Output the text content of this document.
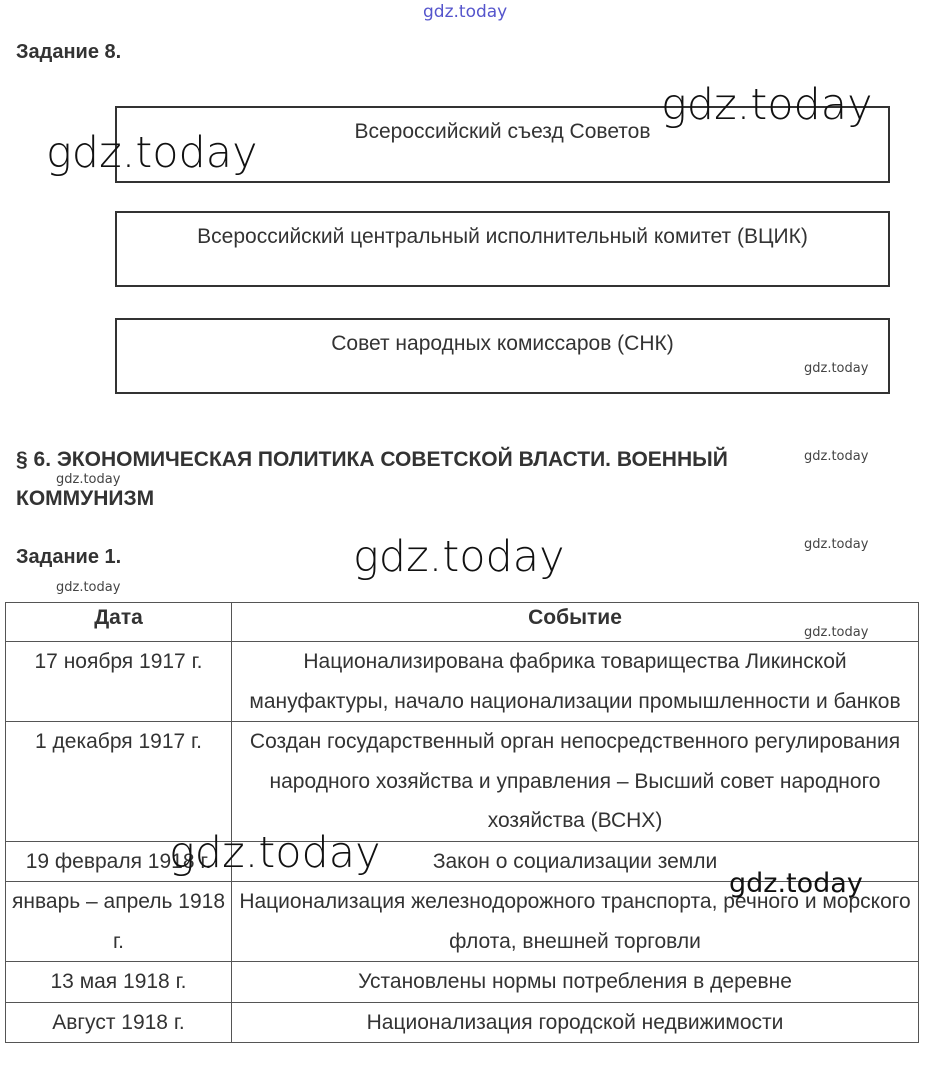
gdz.today
Задание 8.
Всероссийский съезд Советов
Всероссийский центральный исполнительный комитет (ВЦИК)
Совет народных комиссаров (СНК)
§ 6. ЭКОНОМИЧЕСКАЯ ПОЛИТИКА СОВЕТСКОЙ ВЛАСТИ. ВОЕННЫЙ КОММУНИЗМ
Задание 1.
Дата	Событие
17 ноября 1917 г.	Национализирована фабрика товарищества Ликинской мануфактуры, начало национализации промышленности и банков
1 декабря 1917 г.	Создан государственный орган непосредственного регулирования народного хозяйства и управления – Высший совет народного хозяйства (ВСНХ)
19 февраля 1918 г.	Закон о социализации земли
январь – апрель 1918 г.	Национализация железнодорожного транспорта, речного и морского флота, внешней торговли
13 мая 1918 г.	Установлены нормы потребления в деревне
Август 1918 г.	Национализация городской недвижимости
gdz.today
gdz.today
gdz.today
gdz.today
gdz.today
gdz.today	gdz.today
gdz.today
gdz.today
gdz.today
gdz.today
